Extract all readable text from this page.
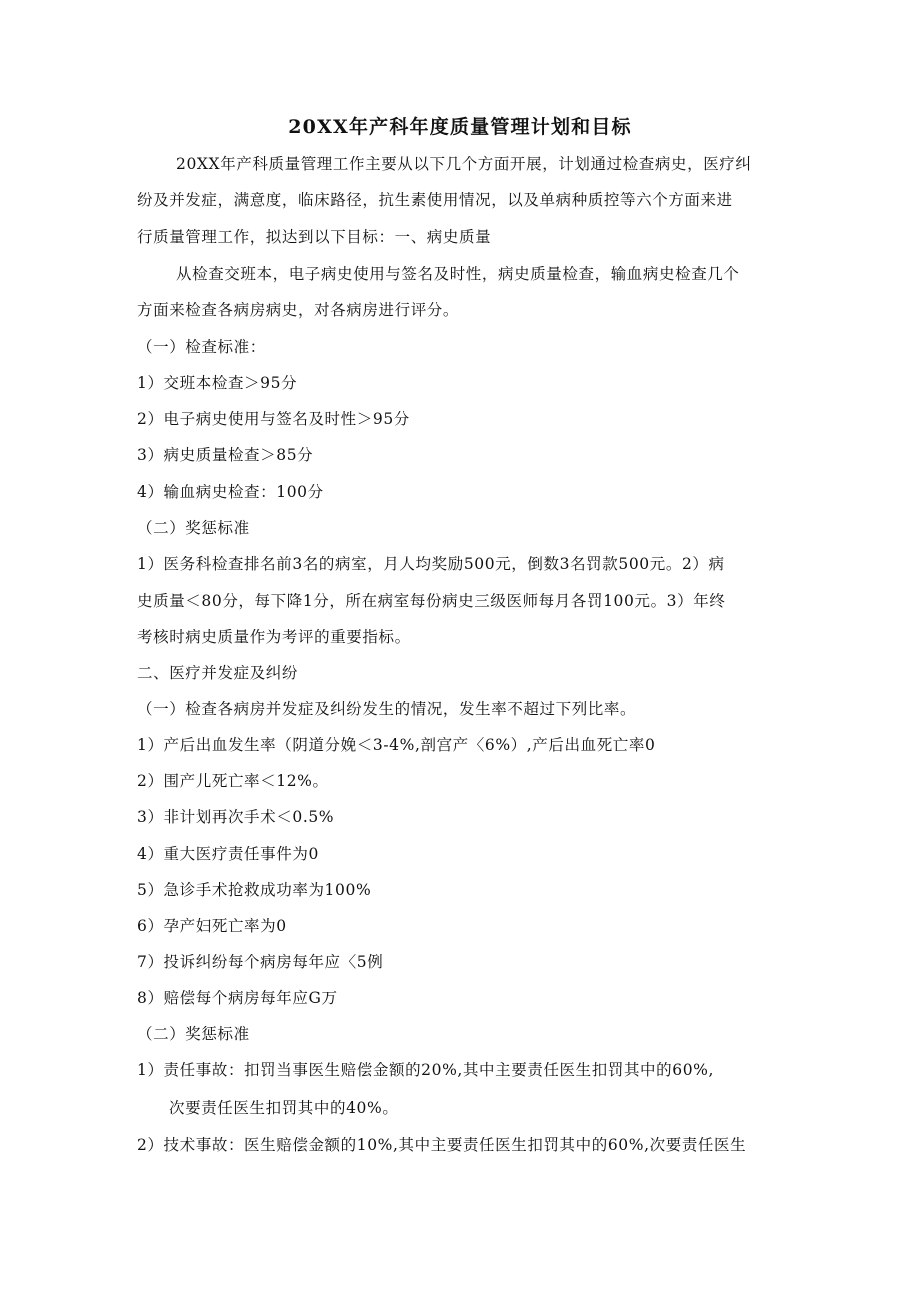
20XX年产科年度质量管理计划和目标
20XX年产科质量管理工作主要从以下几个方面开展，计划通过检查病史，医疗纠
纷及并发症，满意度，临床路径，抗生素使用情况，以及单病种质控等六个方面来进
行质量管理工作，拟达到以下目标：一、病史质量
从检查交班本，电子病史使用与签名及时性，病史质量检查，输血病史检查几个
方面来检查各病房病史，对各病房进行评分。
（一）检查标准：
1）交班本检查＞95分
2）电子病史使用与签名及时性＞95分
3）病史质量检查＞85分
4）输血病史检查：100分
（二）奖惩标准
1）医务科检查排名前3名的病室，月人均奖励500元，倒数3名罚款500元。2）病
史质量＜80分，每下降1分，所在病室每份病史三级医师每月各罚100元。3）年终
考核时病史质量作为考评的重要指标。
二、医疗并发症及纠纷
（一）检查各病房并发症及纠纷发生的情况，发生率不超过下列比率。
1）产后出血发生率（阴道分娩＜3-4%,剖宫产〈6%）,产后出血死亡率0
2）围产儿死亡率＜12%。
3）非计划再次手术＜0.5%
4）重大医疗责任事件为0
5）急诊手术抢救成功率为100%
6）孕产妇死亡率为0
7）投诉纠纷每个病房每年应〈5例
8）赔偿每个病房每年应G万
（二）奖惩标准
1）责任事故：扣罚当事医生赔偿金额的20%,其中主要责任医生扣罚其中的60%,
次要责任医生扣罚其中的40%。
2）技术事故：医生赔偿金额的10%,其中主要责任医生扣罚其中的60%,次要责任医生
